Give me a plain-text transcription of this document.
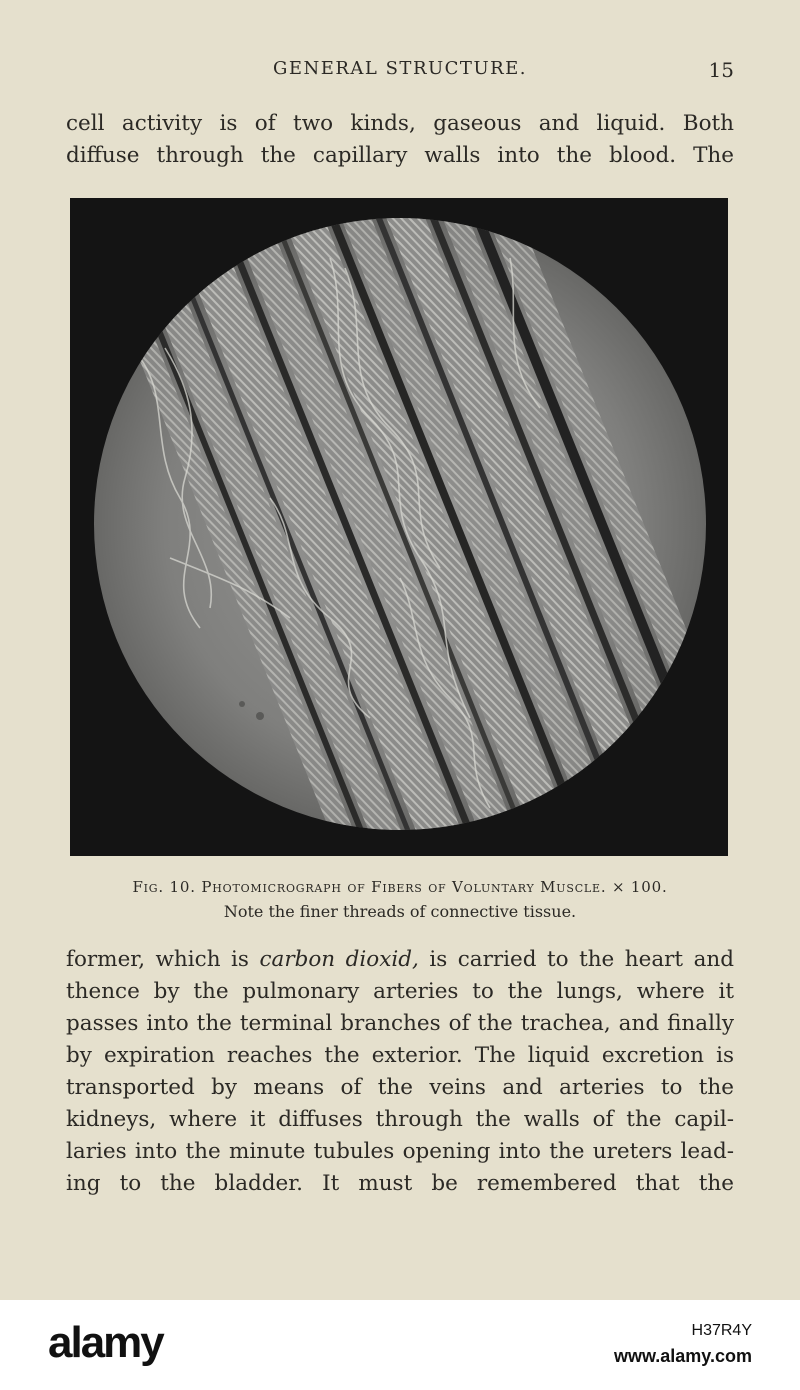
GENERAL STRUCTURE.	15
cell activity is of two kinds, gaseous and liquid. Both
diffuse through the capillary walls into the blood. The
Fig. 10. Photomicrograph of Fibers of Voluntary Muscle. × 100.
Note the finer threads of connective tissue.
former, which is carbon dioxid, is carried to the heart and
thence by the pulmonary arteries to the lungs, where it
passes into the terminal branches of the trachea, and finally
by expiration reaches the exterior. The liquid excretion is
transported by means of the veins and arteries to the
kidneys, where it diffuses through the walls of the capil-
laries into the minute tubules opening into the ureters lead-
ing to the bladder. It must be remembered that the
alamy	H37R4Y
www.alamy.com
